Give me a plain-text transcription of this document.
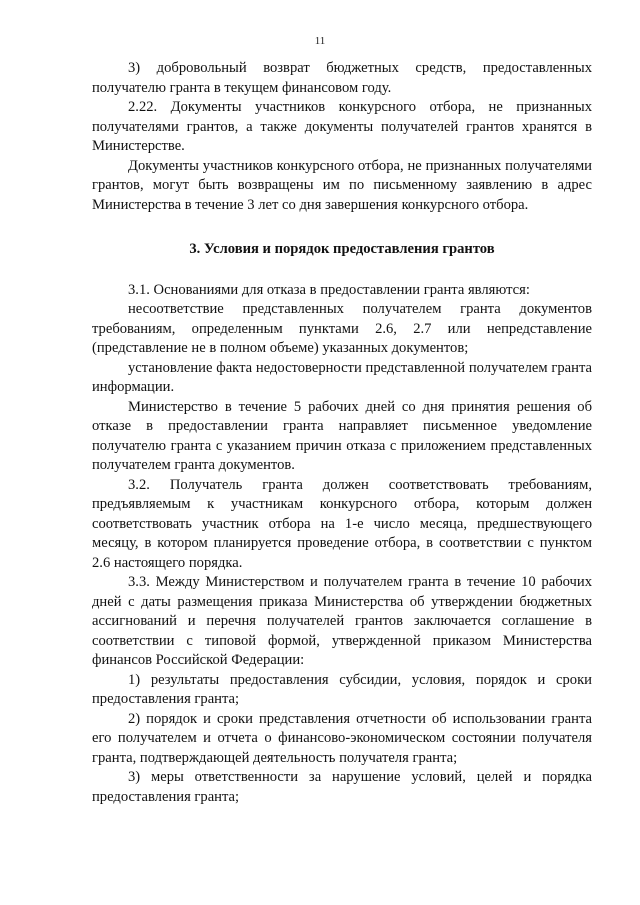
11

3) добровольный возврат бюджетных средств, предоставленных получателю гранта в текущем финансовом году.

2.22. Документы участников конкурсного отбора, не признанных получателями грантов, а также документы получателей грантов хранятся в Министерстве.

Документы участников конкурсного отбора, не признанных получателями грантов, могут быть возвращены им по письменному заявлению в адрес Министерства в течение 3 лет со дня завершения конкурсного отбора.

3. Условия и порядок предоставления грантов

3.1. Основаниями для отказа в предоставлении гранта являются:

несоответствие представленных получателем гранта документов требованиям, определенным пунктами 2.6, 2.7 или непредставление (представление не в полном объеме) указанных документов;

установление факта недостоверности представленной получателем гранта информации.

Министерство в течение 5 рабочих дней со дня принятия решения об отказе в предоставлении гранта направляет письменное уведомление получателю гранта с указанием причин отказа с приложением представленных получателем гранта документов.

3.2. Получатель гранта должен соответствовать требованиям, предъявляемым к участникам конкурсного отбора, которым должен соответствовать участник отбора на 1-е число месяца, предшествующего месяцу, в котором планируется проведение отбора, в соответствии с пунктом 2.6 настоящего порядка.

3.3. Между Министерством и получателем гранта в течение 10 рабочих дней с даты размещения приказа Министерства об утверждении бюджетных ассигнований и перечня получателей грантов заключается соглашение в соответствии с типовой формой, утвержденной приказом Министерства финансов Российской Федерации:

1) результаты предоставления субсидии, условия, порядок и сроки предоставления гранта;

2) порядок и сроки представления отчетности об использовании гранта его получателем и отчета о финансово-экономическом состоянии получателя гранта, подтверждающей деятельность получателя гранта;

3) меры ответственности за нарушение условий, целей и порядка предоставления гранта;
